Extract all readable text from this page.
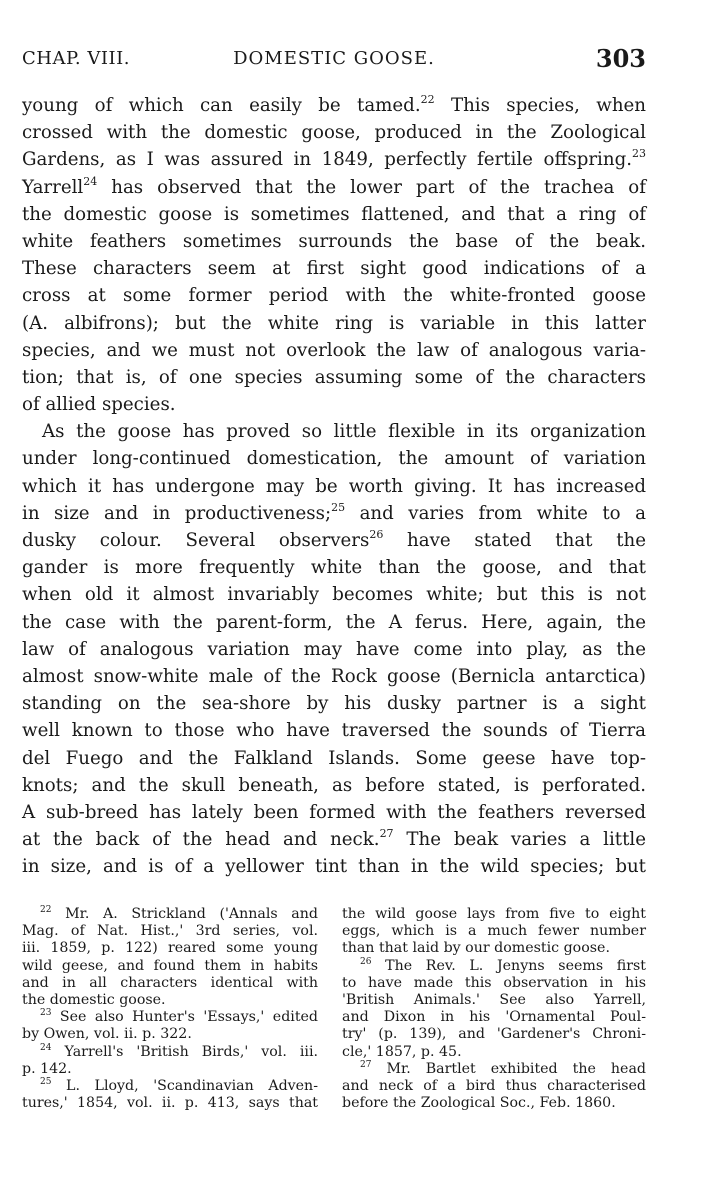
CHAP. VIII.	DOMESTIC GOOSE.	303
young of which can easily be tamed.$^{22}$ This species, when
crossed with the domestic goose, produced in the Zoological
Gardens, as I was assured in 1849, perfectly fertile offspring.$^{23}$
Yarrell$^{24}$ has observed that the lower part of the trachea of
the domestic goose is sometimes flattened, and that a ring of
white feathers sometimes surrounds the base of the beak.
These characters seem at first sight good indications of a
cross at some former period with the white-fronted goose
(A. albifrons); but the white ring is variable in this latter
species, and we must not overlook the law of analogous varia-
tion; that is, of one species assuming some of the characters
of allied species.
As the goose has proved so little flexible in its organization
under long-continued domestication, the amount of variation
which it has undergone may be worth giving. It has increased
in size and in productiveness;$^{25}$ and varies from white to a
dusky colour. Several observers$^{26}$ have stated that the
gander is more frequently white than the goose, and that
when old it almost invariably becomes white; but this is not
the case with the parent-form, the A ferus. Here, again, the
law of analogous variation may have come into play, as the
almost snow-white male of the Rock goose (Bernicla antarctica)
standing on the sea-shore by his dusky partner is a sight
well known to those who have traversed the sounds of Tierra
del Fuego and the Falkland Islands. Some geese have top-
knots; and the skull beneath, as before stated, is perforated.
A sub-breed has lately been formed with the feathers reversed
at the back of the head and neck.$^{27}$ The beak varies a little
in size, and is of a yellower tint than in the wild species; but
$^{22}$ Mr. A. Strickland ('Annals and
Mag. of Nat. Hist.,' 3rd series, vol.
iii. 1859, p. 122) reared some young
wild geese, and found them in habits
and in all characters identical with
the domestic goose.
$^{23}$ See also Hunter's 'Essays,' edited
by Owen, vol. ii. p. 322.
$^{24}$ Yarrell's 'British Birds,' vol. iii.
p. 142.
$^{25}$ L. Lloyd, 'Scandinavian Adven-
tures,' 1854, vol. ii. p. 413, says that
the wild goose lays from five to eight
eggs, which is a much fewer number
than that laid by our domestic goose.
$^{26}$ The Rev. L. Jenyns seems first
to have made this observation in his
'British Animals.' See also Yarrell,
and Dixon in his 'Ornamental Poul-
try' (p. 139), and 'Gardener's Chroni-
cle,' 1857, p. 45.
$^{27}$ Mr. Bartlet exhibited the head
and neck of a bird thus characterised
before the Zoological Soc., Feb. 1860.
